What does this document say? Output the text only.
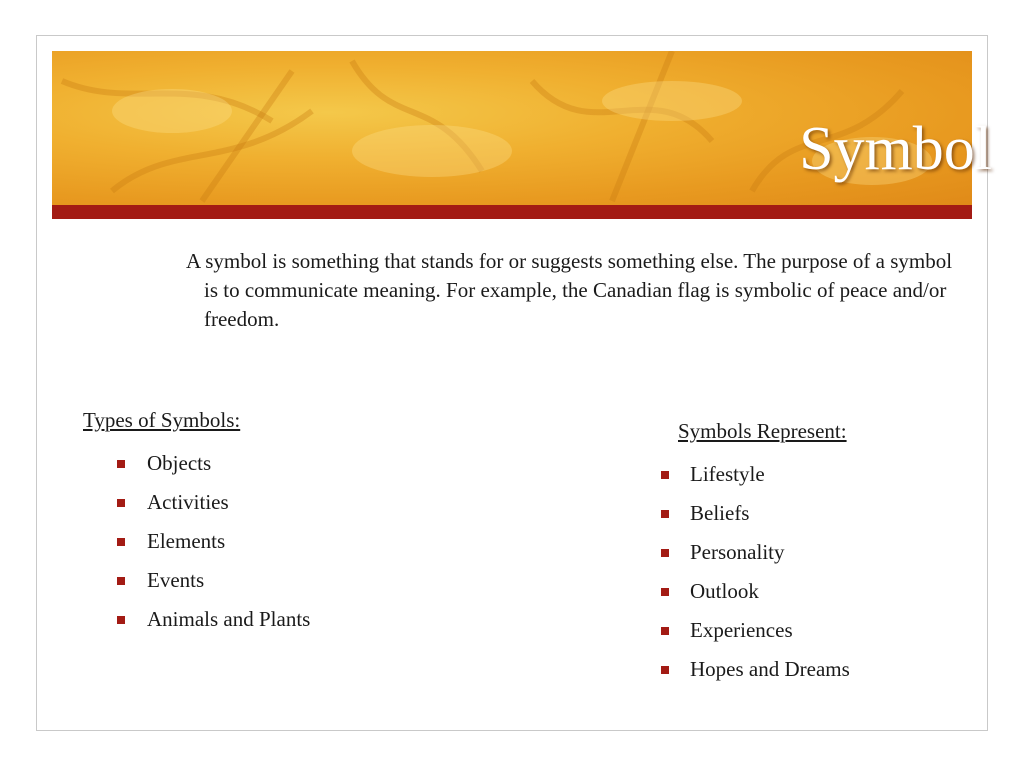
Symbol

A symbol is something that stands for or suggests something else. The purpose of a symbol is to communicate meaning. For example, the Canadian flag is symbolic of peace and/or freedom.

Types of Symbols:
Objects
Activities
Elements
Events
Animals and Plants
Symbols Represent:
Lifestyle
Beliefs
Personality
Outlook
Experiences
Hopes and Dreams
